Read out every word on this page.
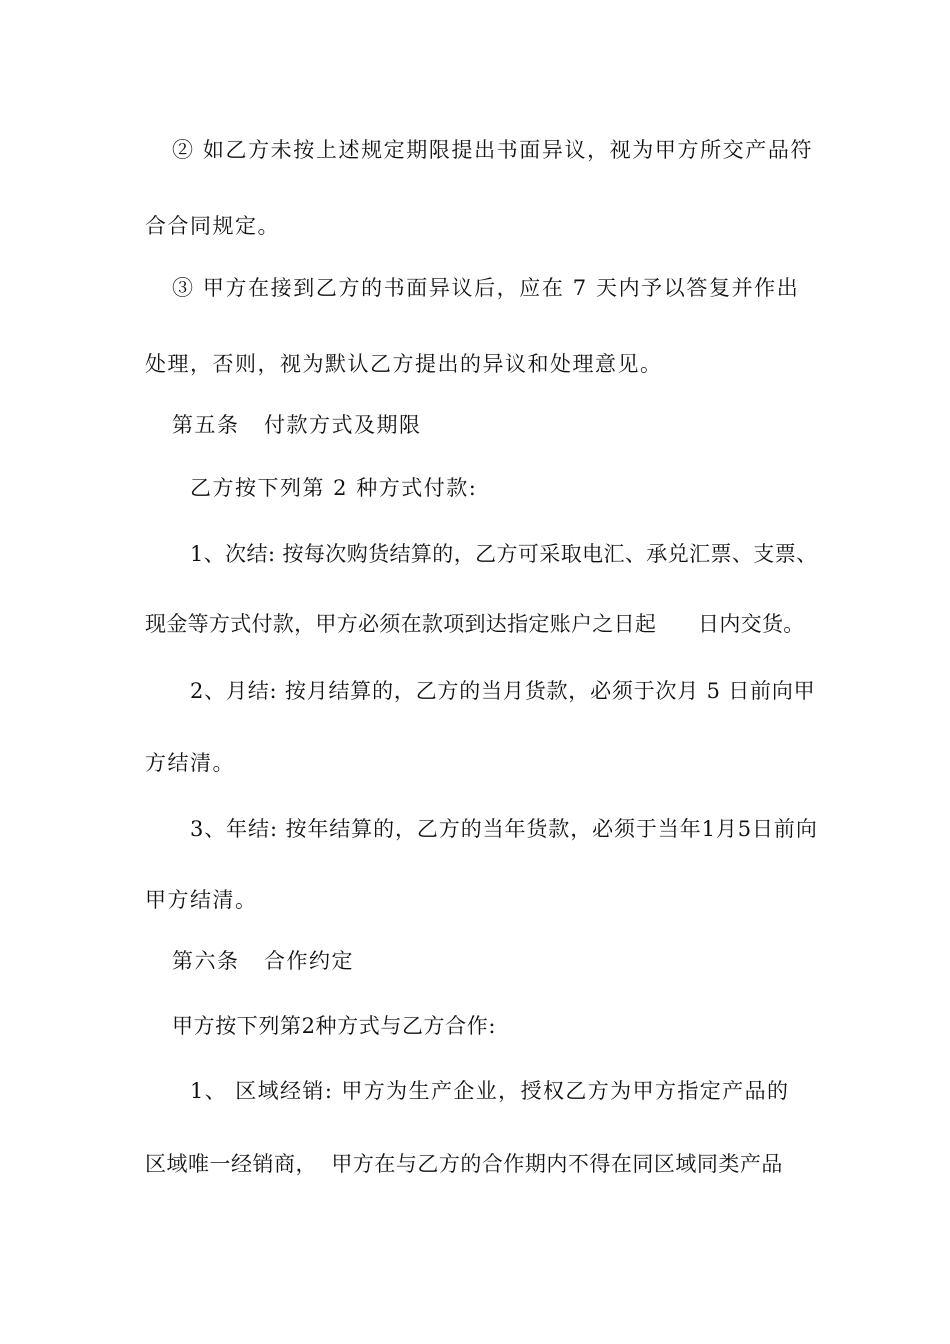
② 如乙方未按上述规定期限提出书面异议，视为甲方所交产品符
合合同规定。
③ 甲方在接到乙方的书面异议后，应在 7 天内予以答复并作出
处理，否则，视为默认乙方提出的异议和处理意见。
第五条   付款方式及期限
乙方按下列第 2 种方式付款:
1、次结: 按每次购货结算的，乙方可采取电汇、承兑汇票、支票、
现金等方式付款，甲方必须在款项到达指定账户之日起      日内交货。
2、月结: 按月结算的，乙方的当月货款，必须于次月 5 日前向甲
方结清。
3、年结: 按年结算的，乙方的当年货款，必须于当年1月5日前向
甲方结清。
第六条   合作约定
甲方按下列第2种方式与乙方合作:
1、 区域经销: 甲方为生产企业，授权乙方为甲方指定产品的
区域唯一经销商，  甲方在与乙方的合作期内不得在同区域同类产品
